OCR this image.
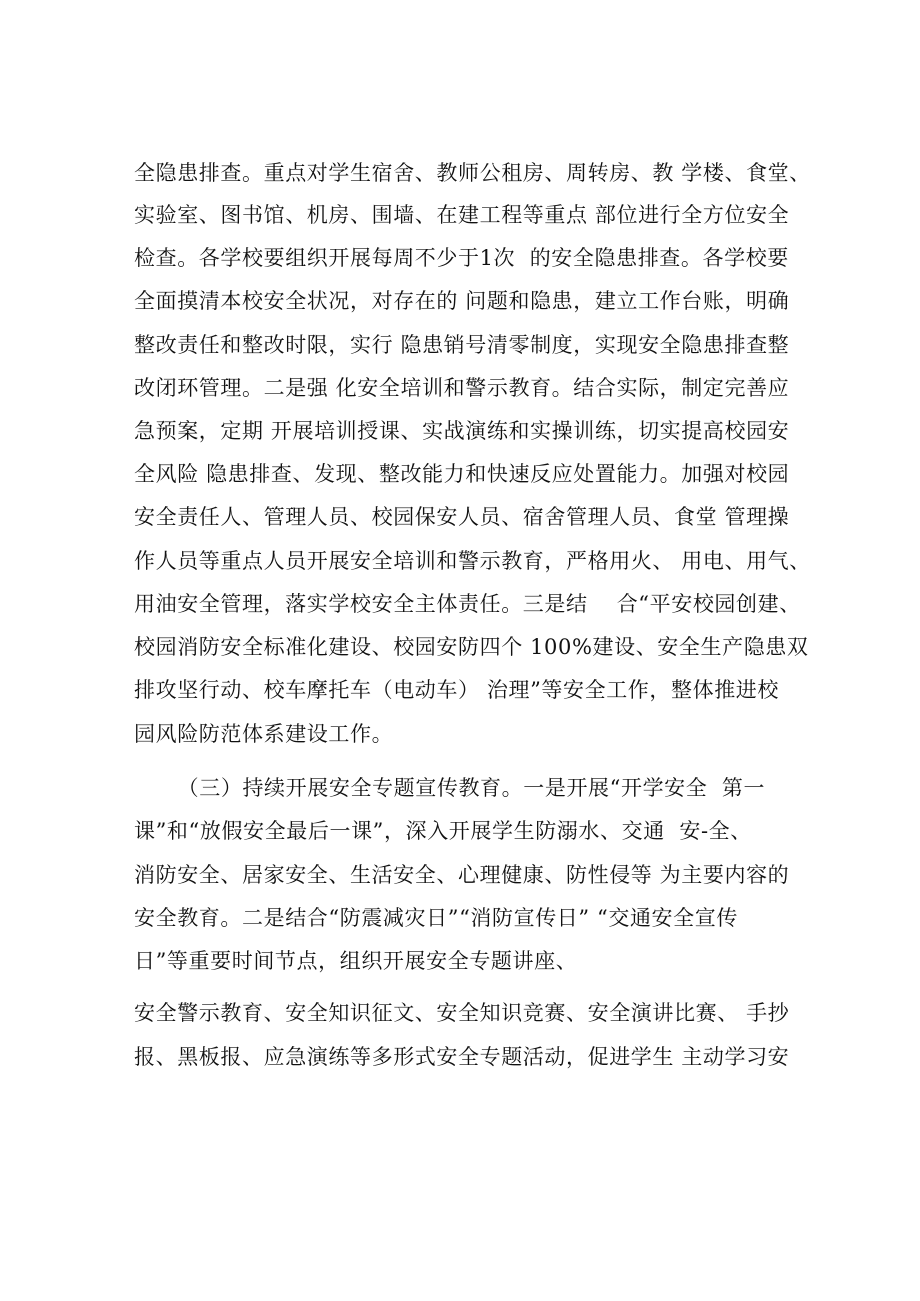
全隐患排查。重点对学生宿舍、教师公租房、周转房、教 学楼、食堂、
实验室、图书馆、机房、围墙、在建工程等重点 部位进行全方位安全
检查。各学校要组织开展每周不少于1次  的安全隐患排查。各学校要
全面摸清本校安全状况，对存在的 问题和隐患，建立工作台账，明确
整改责任和整改时限，实行 隐患销号清零制度，实现安全隐患排查整
改闭环管理。二是强 化安全培训和警示教育。结合实际，制定完善应
急预案，定期 开展培训授课、实战演练和实操训练，切实提高校园安
全风险 隐患排查、发现、整改能力和快速反应处置能力。加强对校园
安全责任人、管理人员、校园保安人员、宿舍管理人员、食堂 管理操
作人员等重点人员开展安全培训和警示教育，严格用火、 用电、用气、
用油安全管理，落实学校安全主体责任。三是结    合“平安校园创建、
校园消防安全标准化建设、校园安防四个 100%建设、安全生产隐患双
排攻坚行动、校车摩托车（电动车） 治理”等安全工作，整体推进校
园风险防范体系建设工作。
（三）持续开展安全专题宣传教育。一是开展“开学安全  第一
课”和“放假安全最后一课”，深入开展学生防溺水、交通  安-全、
消防安全、居家安全、生活安全、心理健康、防性侵等 为主要内容的
安全教育。二是结合“防震减灾日”“消防宣传日” “交通安全宣传
日”等重要时间节点，组织开展安全专题讲座、
安全警示教育、安全知识征文、安全知识竞赛、安全演讲比赛、 手抄
报、黑板报、应急演练等多形式安全专题活动，促进学生 主动学习安
